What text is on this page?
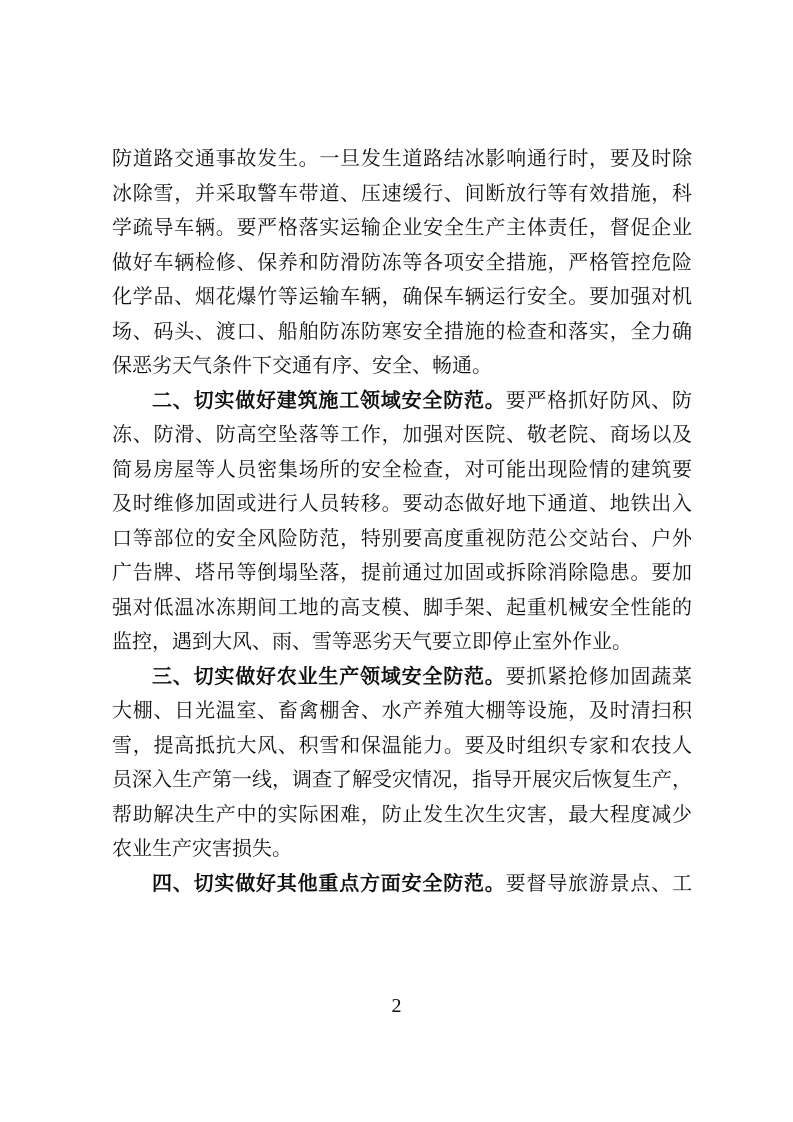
防道路交通事故发生。一旦发生道路结冰影响通行时，要及时除
冰除雪，并采取警车带道、压速缓行、间断放行等有效措施，科
学疏导车辆。要严格落实运输企业安全生产主体责任，督促企业
做好车辆检修、保养和防滑防冻等各项安全措施，严格管控危险
化学品、烟花爆竹等运输车辆，确保车辆运行安全。要加强对机
场、码头、渡口、船舶防冻防寒安全措施的检查和落实，全力确
保恶劣天气条件下交通有序、安全、畅通。
二、切实做好建筑施工领域安全防范。要严格抓好防风、防
冻、防滑、防高空坠落等工作，加强对医院、敬老院、商场以及
简易房屋等人员密集场所的安全检查，对可能出现险情的建筑要
及时维修加固或进行人员转移。要动态做好地下通道、地铁出入
口等部位的安全风险防范，特别要高度重视防范公交站台、户外
广告牌、塔吊等倒塌坠落，提前通过加固或拆除消除隐患。要加
强对低温冰冻期间工地的高支模、脚手架、起重机械安全性能的
监控，遇到大风、雨、雪等恶劣天气要立即停止室外作业。
三、切实做好农业生产领域安全防范。要抓紧抢修加固蔬菜
大棚、日光温室、畜禽棚舍、水产养殖大棚等设施，及时清扫积
雪，提高抵抗大风、积雪和保温能力。要及时组织专家和农技人
员深入生产第一线，调查了解受灾情况，指导开展灾后恢复生产，
帮助解决生产中的实际困难，防止发生次生灾害，最大程度减少
农业生产灾害损失。
四、切实做好其他重点方面安全防范。要督导旅游景点、工
2
